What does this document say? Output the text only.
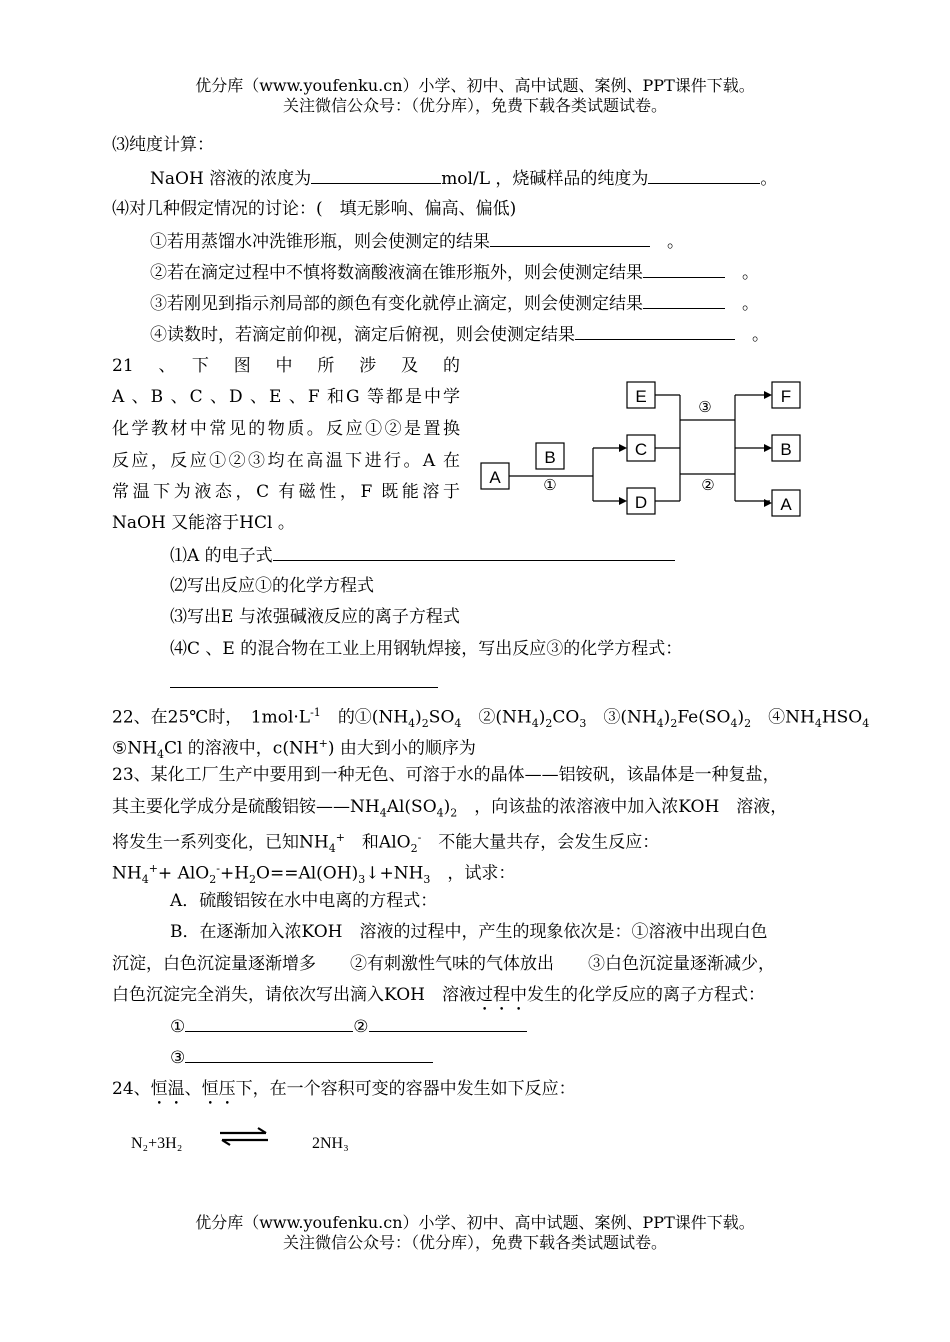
优分库（www.youfenku.cn）小学、初中、高中试题、案例、PPT课件下载。
关注微信公众号：（优分库），免费下载各类试题试卷。
⑶纯度计算：
NaOH 溶液的浓度为	mol/L ，烧碱样品的纯度为	。
⑷对几种假定情况的讨论：(　填无影响、偏高、偏低)
①若用蒸馏水冲洗锥形瓶，则会使测定的结果　	。
②若在滴定过程中不慎将数滴酸液滴在锥形瓶外，则会使测定结果　	。
③若刚见到指示剂局部的颜色有变化就停止滴定，则会使测定结果　	。
④读数时，若滴定前仰视，滴定后俯视，则会使测定结果　	。
21　、　下　图　中　所　涉　及　的
A 、B 、C 、D 、E 、F 和G 等都是中学
化学教材中常见的物质。反应①②是置换
反应，反应①②③均在高温下进行。A 在
常温下为液态，C 有磁性，F 既能溶于
NaOH 又能溶于HCl 。
A
B	C
D
E	F
B
A
①	②
③
⑴A 的电子式
⑵写出反应①的化学方程式
⑶写出E 与浓强碱液反应的离子方程式
⑷C 、E 的混合物在工业上用钢轨焊接，写出反应③的化学方程式：
22、在25℃时，　 $1mol\cdot L^{-1}$　 的$①(NH_4)_2SO_4$　$②(NH_4)_2CO_3$　$③(NH_4)_2Fe(SO_4)_2$　$④NH_4HSO_4$
$⑤NH_4Cl$ 的溶液中，c(NH+) 由大到小的顺序为
23、某化工厂生产中要用到一种无色、可溶于水的晶体——铝铵矾，该晶体是一种复盐，
其主要化学成分是硫酸铝铵$——NH_4Al(SO_4)_2$　 ，向该盐的浓溶液中加入浓KOH　溶液，
将发生一系列变化，已知$NH_4^+$　 和AlO$_2$-　 不能大量共存，会发生反应：
$NH_4^++$ $AlO_2^-+H_2O==Al(OH)_3↓+NH_3$　 ，试求：
A．硫酸铝铵在水中电离的方程式：
B．在逐渐加入浓KOH　溶液的过程中，产生的现象依次是：①溶液中出现白色
沉淀，白色沉淀量逐渐增多　　②有刺激性气味的气体放出　　③白色沉淀量逐渐减少，
白色沉淀完全消失，请依次写出滴入KOH　溶液过程中发生的化学反应的离子方程式：
①	②
③
24、恒温、恒压下，在一个容积可变的容器中发生如下反应：
N₂+3H₂	2NH₃
优分库（www.youfenku.cn）小学、初中、高中试题、案例、PPT课件下载。
关注微信公众号：（优分库），免费下载各类试题试卷。
